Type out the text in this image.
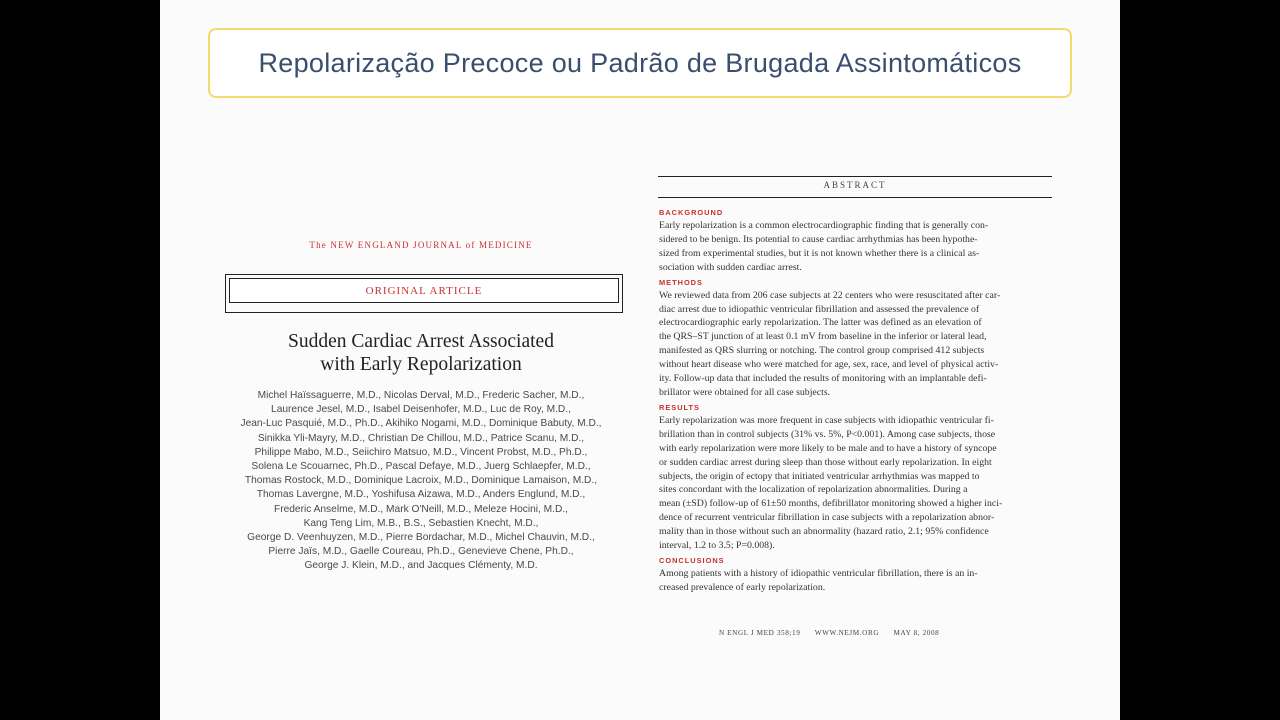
Repolarização Precoce ou Padrão de Brugada Assintomáticos
The NEW ENGLAND JOURNAL of MEDICINE
ORIGINAL ARTICLE
Sudden Cardiac Arrest Associated
with Early Repolarization
Michel Haïssaguerre, M.D., Nicolas Derval, M.D., Frederic Sacher, M.D.,
Laurence Jesel, M.D., Isabel Deisenhofer, M.D., Luc de Roy, M.D.,
Jean-Luc Pasquié, M.D., Ph.D., Akihiko Nogami, M.D., Dominique Babuty, M.D.,
Sinikka Yli-Mayry, M.D., Christian De Chillou, M.D., Patrice Scanu, M.D.,
Philippe Mabo, M.D., Seiichiro Matsuo, M.D., Vincent Probst, M.D., Ph.D.,
Solena Le Scouarnec, Ph.D., Pascal Defaye, M.D., Juerg Schlaepfer, M.D.,
Thomas Rostock, M.D., Dominique Lacroix, M.D., Dominique Lamaison, M.D.,
Thomas Lavergne, M.D., Yoshifusa Aizawa, M.D., Anders Englund, M.D.,
Frederic Anselme, M.D., Mark O'Neill, M.D., Meleze Hocini, M.D.,
Kang Teng Lim, M.B., B.S., Sebastien Knecht, M.D.,
George D. Veenhuyzen, M.D., Pierre Bordachar, M.D., Michel Chauvin, M.D.,
Pierre Jaïs, M.D., Gaelle Coureau, Ph.D., Genevieve Chene, Ph.D.,
George J. Klein, M.D., and Jacques Clémenty, M.D.
ABSTRACT
BACKGROUND
Early repolarization is a common electrocardiographic finding that is generally con-
sidered to be benign. Its potential to cause cardiac arrhythmias has been hypothe-
sized from experimental studies, but it is not known whether there is a clinical as-
sociation with sudden cardiac arrest.
METHODS
We reviewed data from 206 case subjects at 22 centers who were resuscitated after car-
diac arrest due to idiopathic ventricular fibrillation and assessed the prevalence of
electrocardiographic early repolarization. The latter was defined as an elevation of
the QRS–ST junction of at least 0.1 mV from baseline in the inferior or lateral lead,
manifested as QRS slurring or notching. The control group comprised 412 subjects
without heart disease who were matched for age, sex, race, and level of physical activ-
ity. Follow-up data that included the results of monitoring with an implantable defi-
brillator were obtained for all case subjects.
RESULTS
Early repolarization was more frequent in case subjects with idiopathic ventricular fi-
brillation than in control subjects (31% vs. 5%, P<0.001). Among case subjects, those
with early repolarization were more likely to be male and to have a history of syncope
or sudden cardiac arrest during sleep than those without early repolarization. In eight
subjects, the origin of ectopy that initiated ventricular arrhythmias was mapped to
sites concordant with the localization of repolarization abnormalities. During a
mean (±SD) follow-up of 61±50 months, defibrillator monitoring showed a higher inci-
dence of recurrent ventricular fibrillation in case subjects with a repolarization abnor-
mality than in those without such an abnormality (hazard ratio, 2.1; 95% confidence
interval, 1.2 to 3.5; P=0.008).
CONCLUSIONS
Among patients with a history of idiopathic ventricular fibrillation, there is an in-
creased prevalence of early repolarization.
N ENGL J MED 358;19 WWW.NEJM.ORG MAY 8, 2008
